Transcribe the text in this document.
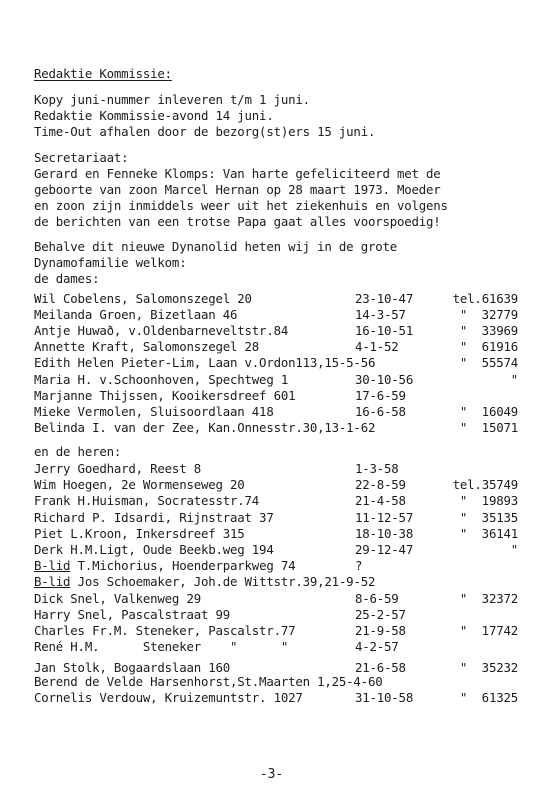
Redaktie Kommissie:
Kopy juni-nummer inleveren t/m 1 juni.
Redaktie Kommissie-avond 14 juni.
Time-Out afhalen door de bezorg(st)ers 15 juni.
Secretariaat:
Gerard en Fenneke Klomps: Van harte gefeliciteerd met de
geboorte van zoon Marcel Hernan op 28 maart 1973. Moeder
en zoon zijn inmiddels weer uit het ziekenhuis en volgens
de berichten van een trotse Papa gaat alles voorspoedig!
Behalve dit nieuwe Dynanolid heten wij in de grote
Dynamofamilie welkom:
de dames:
Wil Cobelens, Salomonszegel 20	23-10-47	tel.61639
Meilanda Groen, Bizetlaan 46	14-3-57	"  32779
Antje Huwað, v.Oldenbarneveltstr.84	16-10-51	"  33969
Annette Kraft, Salomonszegel 28	4-1-52	"  61916
Edith Helen Pieter-Lim, Laan v.Ordon113,15-5-56	"  55574
Maria H. v.Schoonhoven, Spechtweg 1	30-10-56	"
Marjanne Thijssen, Kooikersdreef 601	17-6-59
Mieke Vermolen, Sluisoordlaan 418	16-6-58	"  16049
Belinda I. van der Zee, Kan.Onnesstr.30,13-1-62	"  15071
en de heren:
Jerry Goedhard, Reest 8	1-3-58
Wim Hoegen, 2e Wormenseweg 20	22-8-59	tel.35749
Frank H.Huisman, Socratesstr.74	21-4-58	"  19893
Richard P. Idsardi, Rijnstraat 37	11-12-57	"  35135
Piet L.Kroon, Inkersdreef 315	18-10-38	"  36141
Derk H.M.Ligt, Oude Beekb.weg 194	29-12-47	"
B-lid T.Michorius, Hoenderparkweg 74	?
B-lid Jos Schoemaker, Joh.de Wittstr.39,21-9-52
Dick Snel, Valkenweg 29	8-6-59	"  32372
Harry Snel, Pascalstraat 99	25-2-57
Charles Fr.M. Steneker, Pascalstr.77	21-9-58	"  17742
René H.M.      Steneker    "      "	4-2-57
Jan Stolk, Bogaardslaan 160	21-6-58	"  35232
Berend de Velde Harsenhorst,St.Maarten 1,25-4-60
Cornelis Verdouw, Kruizemuntstr. 1027	31-10-58	"  61325
-3-
